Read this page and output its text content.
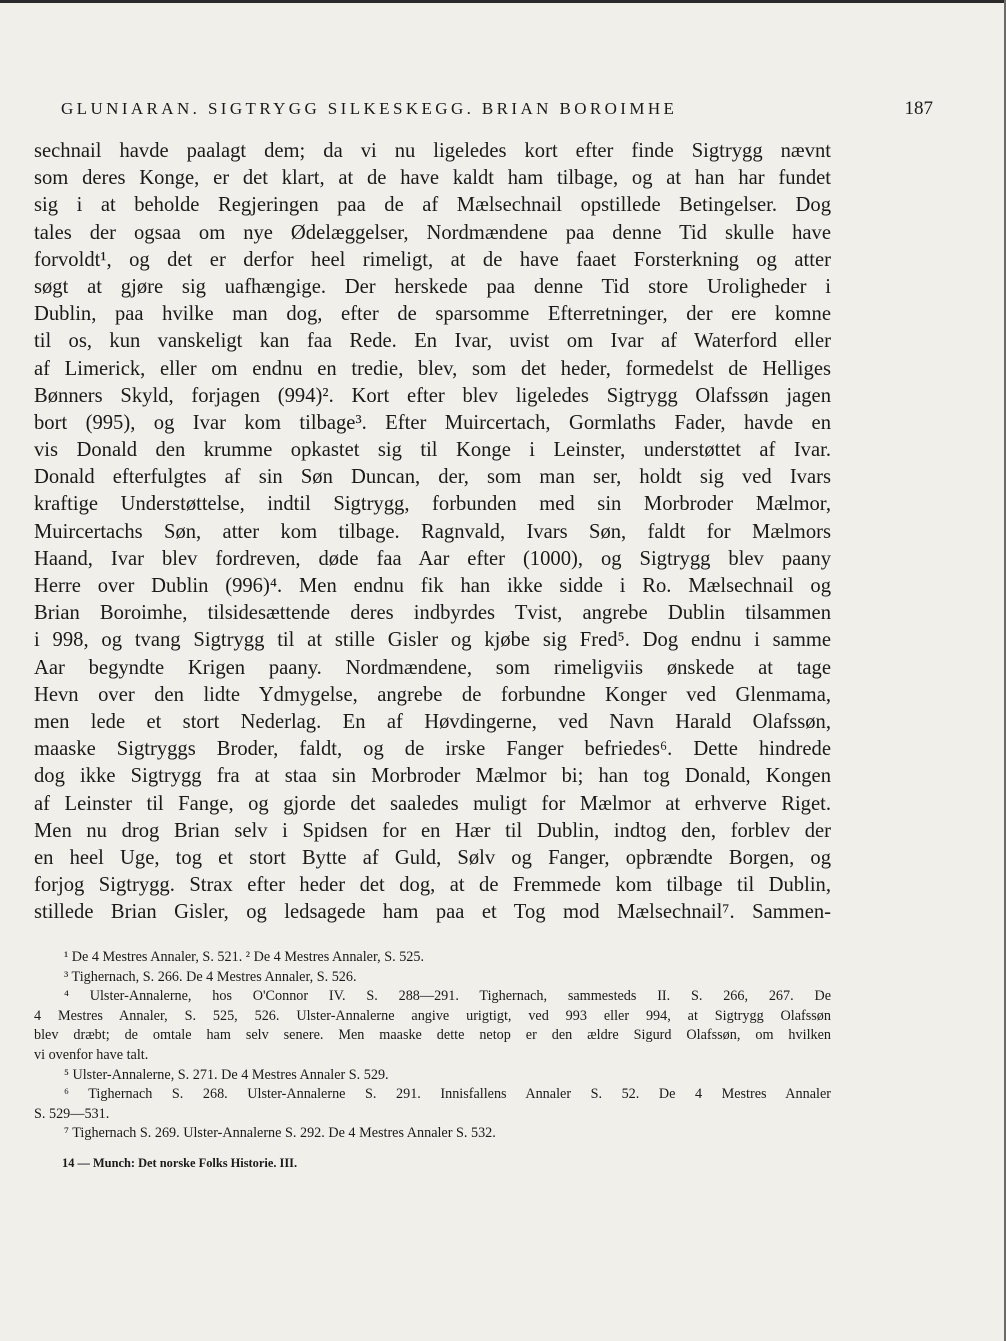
GLUNIARAN. SIGTRYGG SILKESKEGG. BRIAN BOROIMHE	187
sechnail havde paalagt dem; da vi nu ligeledes kort efter finde Sigtrygg nævnt
som deres Konge, er det klart, at de have kaldt ham tilbage, og at han har fundet
sig i at beholde Regjeringen paa de af Mælsechnail opstillede Betingelser. Dog
tales der ogsaa om nye Ødelæggelser, Nordmændene paa denne Tid skulle have
forvoldt¹, og det er derfor heel rimeligt, at de have faaet Forsterkning og atter
søgt at gjøre sig uafhængige. Der herskede paa denne Tid store Uroligheder i
Dublin, paa hvilke man dog, efter de sparsomme Efterretninger, der ere komne
til os, kun vanskeligt kan faa Rede. En Ivar, uvist om Ivar af Waterford eller
af Limerick, eller om endnu en tredie, blev, som det heder, formedelst de Helliges
Bønners Skyld, forjagen (994)². Kort efter blev ligeledes Sigtrygg Olafssøn jagen
bort (995), og Ivar kom tilbage³. Efter Muircertach, Gormlaths Fader, havde en
vis Donald den krumme opkastet sig til Konge i Leinster, understøttet af Ivar.
Donald efterfulgtes af sin Søn Duncan, der, som man ser, holdt sig ved Ivars
kraftige Understøttelse, indtil Sigtrygg, forbunden med sin Morbroder Mælmor,
Muircertachs Søn, atter kom tilbage. Ragnvald, Ivars Søn, faldt for Mælmors
Haand, Ivar blev fordreven, døde faa Aar efter (1000), og Sigtrygg blev paany
Herre over Dublin (996)⁴. Men endnu fik han ikke sidde i Ro. Mælsechnail og
Brian Boroimhe, tilsidesættende deres indbyrdes Tvist, angrebe Dublin tilsammen
i 998, og tvang Sigtrygg til at stille Gisler og kjøbe sig Fred⁵. Dog endnu i samme
Aar begyndte Krigen paany. Nordmændene, som rimeligviis ønskede at tage
Hevn over den lidte Ydmygelse, angrebe de forbundne Konger ved Glenmama,
men lede et stort Nederlag. En af Høvdingerne, ved Navn Harald Olafssøn,
maaske Sigtryggs Broder, faldt, og de irske Fanger befriedes⁶. Dette hindrede
dog ikke Sigtrygg fra at staa sin Morbroder Mælmor bi; han tog Donald, Kongen
af Leinster til Fange, og gjorde det saaledes muligt for Mælmor at erhverve Riget.
Men nu drog Brian selv i Spidsen for en Hær til Dublin, indtog den, forblev der
en heel Uge, tog et stort Bytte af Guld, Sølv og Fanger, opbrændte Borgen, og
forjog Sigtrygg. Strax efter heder det dog, at de Fremmede kom tilbage til Dublin,
stillede Brian Gisler, og ledsagede ham paa et Tog mod Mælsechnail⁷. Sammen-
¹ De 4 Mestres Annaler, S. 521. ² De 4 Mestres Annaler, S. 525.
³ Tighernach, S. 266. De 4 Mestres Annaler, S. 526.
⁴ Ulster-Annalerne, hos O'Connor IV. S. 288—291. Tighernach, sammesteds II. S. 266, 267. De
4 Mestres Annaler, S. 525, 526. Ulster-Annalerne angive urigtigt, ved 993 eller 994, at Sigtrygg Olafssøn
blev dræbt; de omtale ham selv senere. Men maaske dette netop er den ældre Sigurd Olafssøn, om hvilken
vi ovenfor have talt.
⁵ Ulster-Annalerne, S. 271. De 4 Mestres Annaler S. 529.
⁶ Tighernach S. 268. Ulster-Annalerne S. 291. Innisfallens Annaler S. 52. De 4 Mestres Annaler
S. 529—531.
⁷ Tighernach S. 269. Ulster-Annalerne S. 292. De 4 Mestres Annaler S. 532.
14 — Munch: Det norske Folks Historie. III.
